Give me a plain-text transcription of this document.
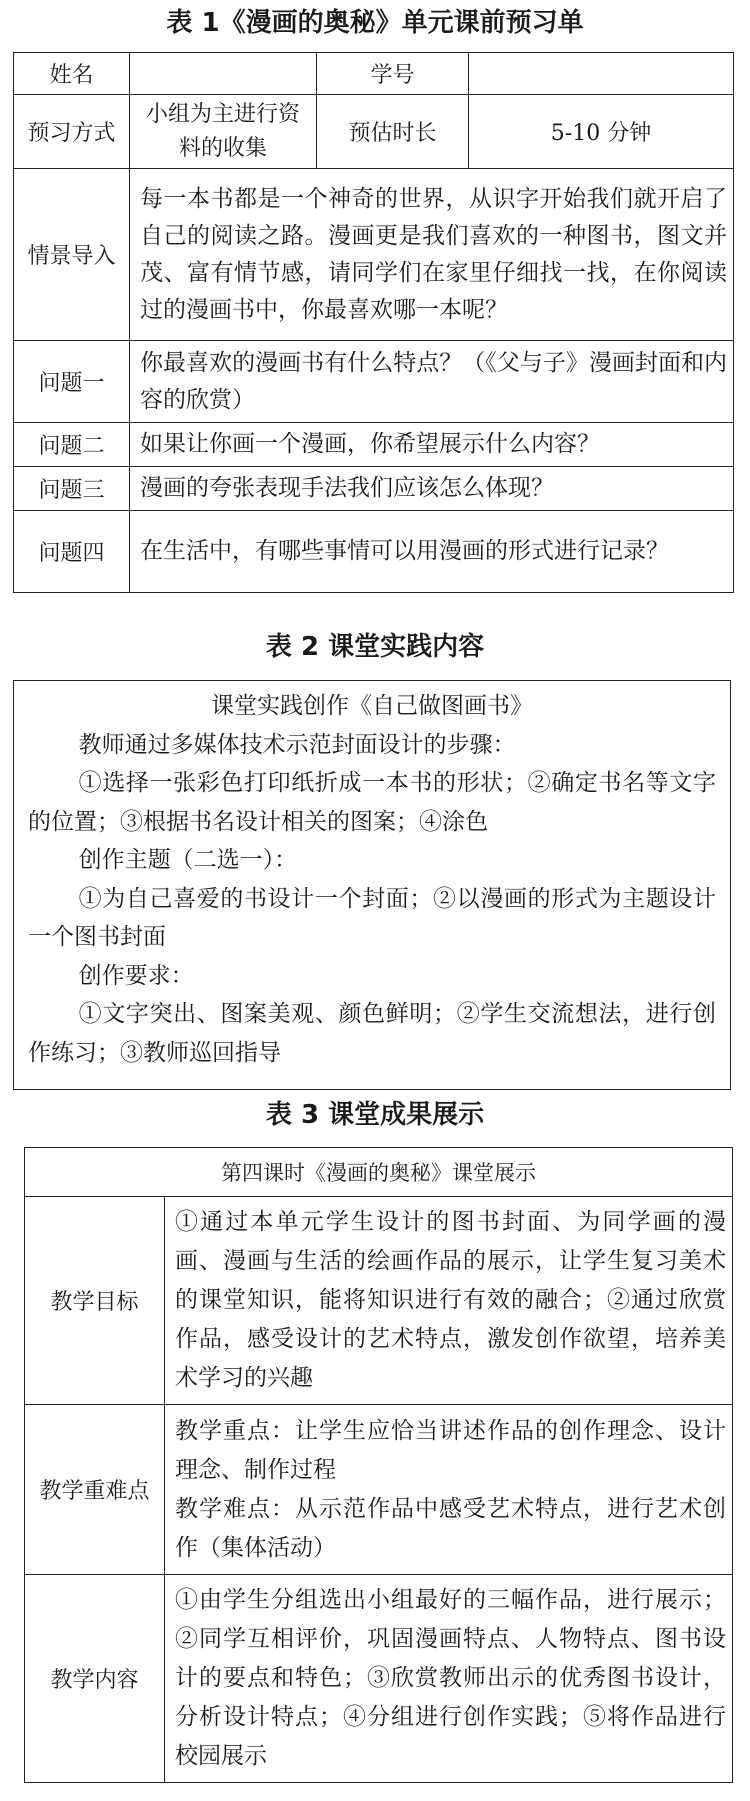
表 1《漫画的奥秘》单元课前预习单
姓名		学号	
预习方式	小组为主进行资料的收集	预估时长	5-10 分钟
情景导入	每一本书都是一个神奇的世界，从识字开始我们就开启了自己的阅读之路。漫画更是我们喜欢的一种图书，图文并茂、富有情节感，请同学们在家里仔细找一找，在你阅读过的漫画书中，你最喜欢哪一本呢？		
问题一	你最喜欢的漫画书有什么特点？（《父与子》漫画封面和内容的欣赏）		
问题二	如果让你画一个漫画，你希望展示什么内容？		
问题三	漫画的夸张表现手法我们应该怎么体现？		
问题四	在生活中，有哪些事情可以用漫画的形式进行记录？		
表 2 课堂实践内容

课堂实践创作《自己做图画书》

教师通过多媒体技术示范封面设计的步骤：

①选择一张彩色打印纸折成一本书的形状；②确定书名等文字的位置；③根据书名设计相关的图案；④涂色

创作主题（二选一）：

①为自己喜爱的书设计一个封面；②以漫画的形式为主题设计一个图书封面

创作要求：

①文字突出、图案美观、颜色鲜明；②学生交流想法，进行创作练习；③教师巡回指导

表 3 课堂成果展示
第四课时《漫画的奥秘》课堂展示	
教学目标	①通过本单元学生设计的图书封面、为同学画的漫画、漫画与生活的绘画作品的展示，让学生复习美术的课堂知识，能将知识进行有效的融合；②通过欣赏作品，感受设计的艺术特点，激发创作欲望，培养美术学习的兴趣

教学重难点	教学重点：让学生应恰当讲述作品的创作理念、设计理念、制作过程
教学难点：从示范作品中感受艺术特点，进行艺术创作（集体活动）

教学内容	①由学生分组选出小组最好的三幅作品，进行展示；②同学互相评价，巩固漫画特点、人物特点、图书设计的要点和特色；③欣赏教师出示的优秀图书设计，分析设计特点；④分组进行创作实践；⑤将作品进行校园展示
